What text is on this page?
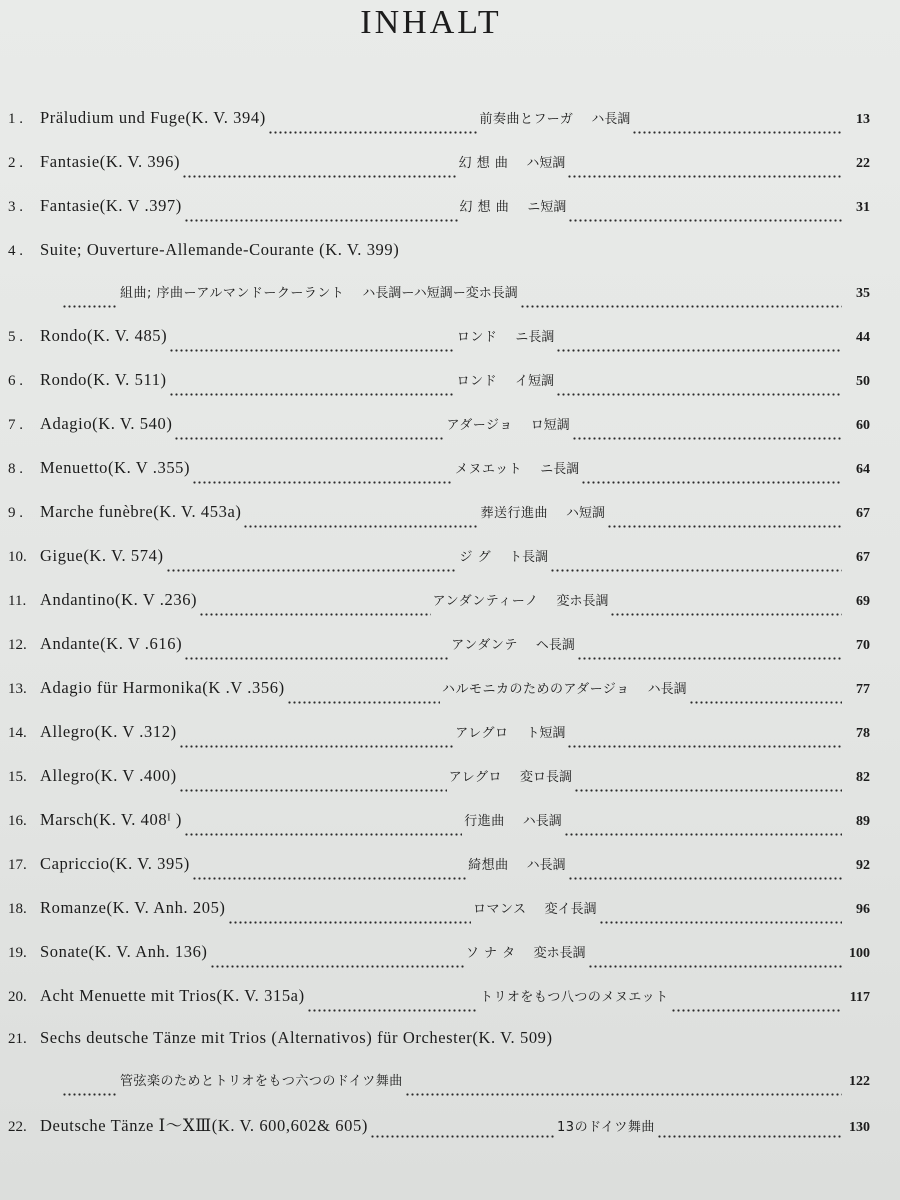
INHALT
1 .	Präludium und Fuge(K. V. 394)	前奏曲とフーガ ハ長調	13
2 .	Fantasie(K. V. 396)	幻 想 曲 ハ短調	22
3 .	Fantasie(K. V .397)	幻 想 曲 ニ短調	31
4 .	Suite; Ouverture-Allemande-Courante (K. V. 399)
組曲; 序曲ーアルマンドークーラント ハ長調ーハ短調ー変ホ長調	35
5 .	Rondo(K. V. 485)	ロンド ニ長調	44
6 .	Rondo(K. V. 511)	ロンド イ短調	50
7 .	Adagio(K. V. 540)	アダージョ ロ短調	60
8 .	Menuetto(K. V .355)	メヌエット ニ長調	64
9 .	Marche funèbre(K. V. 453a)	葬送行進曲 ハ短調	67
10. Gigue(K. V. 574)	ジ グ ト長調	67
11. Andantino(K. V .236)	アンダンティーノ 変ホ長調	69
12. Andante(K. V .616)	アンダンテ ヘ長調	70
13. Adagio für Harmonika(K .V .356)	ハルモニカのためのアダージョ ハ長調	77
14. Allegro(K. V .312)	アレグロ ト短調	78
15. Allegro(K. V .400)	アレグロ 変ロ長調	82
16. Marsch(K. V. 408ᴵ )	行進曲 ハ長調	89
17. Capriccio(K. V. 395)	綺想曲 ハ長調	92
18. Romanze(K. V. Anh. 205)	ロマンス 変イ長調	96
19. Sonate(K. V. Anh. 136)	ソ ナ タ 変ホ長調	100
20. Acht Menuette mit Trios(K. V. 315a)	トリオをもつ八つのメヌエット	117
21. Sechs deutsche Tänze mit Trios (Alternativos) für Orchester(K. V. 509)
管弦楽のためとトリオをもつ六つのドイツ舞曲	122
22. Deutsche Tänze Ⅰ～ⅩⅢ(K. V. 600,602& 605)	13のドイツ舞曲	130
